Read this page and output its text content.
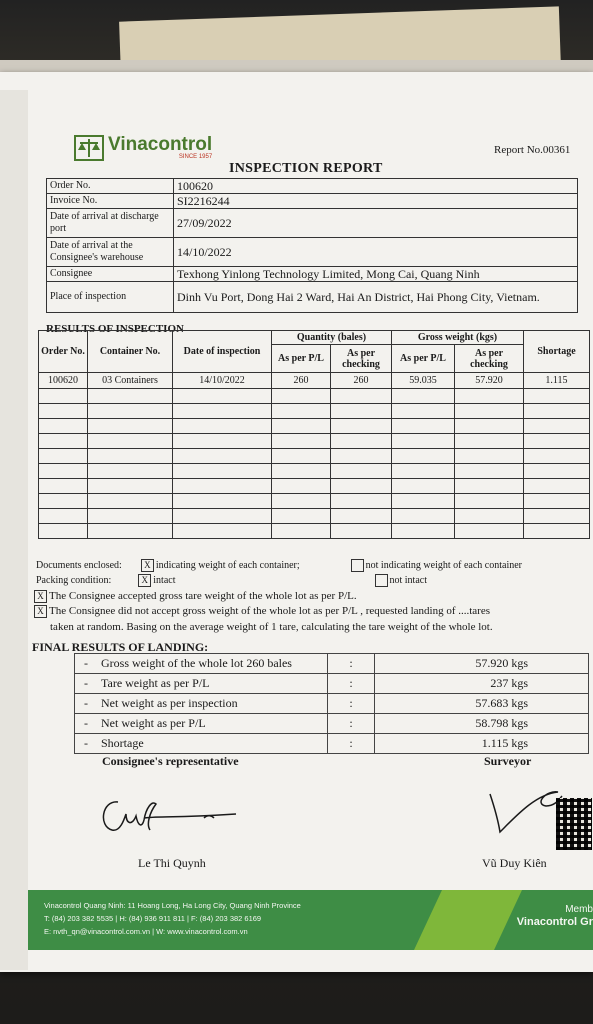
Vinacontrol
SINCE 1957
Report No.00361
INSPECTION REPORT
Order No.	100620
Invoice No.	SI2216244
Date of arrival at discharge port	27/09/2022
Date of arrival at the Consignee's warehouse	14/10/2022
Consignee	Texhong Yinlong Technology Limited, Mong Cai, Quang Ninh
Place of inspection	Dinh Vu Port, Dong Hai 2 Ward, Hai An District, Hai Phong City, Vietnam.
RESULTS OF INSPECTION
Order No.	Container No.	Date of inspection	Quantity (bales)		Gross weight (kgs)		Shortage
			As per P/L	As per checking	As per P/L	As per checking	
100620	03 Containers	14/10/2022	260	260	59.035	57.920	1.115

Documents enclosed: X indicating weight of each container;	not indicating weight of each container
Packing condition:	X intact	not intact
X The Consignee accepted gross tare weight of the whole lot as per P/L.
X The Consignee did not accept gross weight of the whole lot as per P/L , requested landing of ....tares
taken at random. Basing on the average weight of 1 tare, calculating the tare weight of the whole lot.
FINAL RESULTS OF LANDING:
-	Gross weight of the whole lot 260 bales	:	57.920 kgs
-	Tare weight as per P/L	:	237 kgs
-	Net weight as per inspection	:	57.683 kgs
-	Net weight as per P/L	:	58.798 kgs
-	Shortage	:	1.115 kgs
Consignee's representative	Surveyor
Le Thi Quynh	Vũ Duy Kiên
Vinacontrol Quang Ninh: 11 Hoang Long, Ha Long City, Quang Ninh Province
T: (84) 203 382 5535 | H: (84) 936 911 811 | F: (84) 203 382 6169
E: nvth_qn@vinacontrol.com.vn | W: www.vinacontrol.com.vn
Memb
Vinacontrol Gr
